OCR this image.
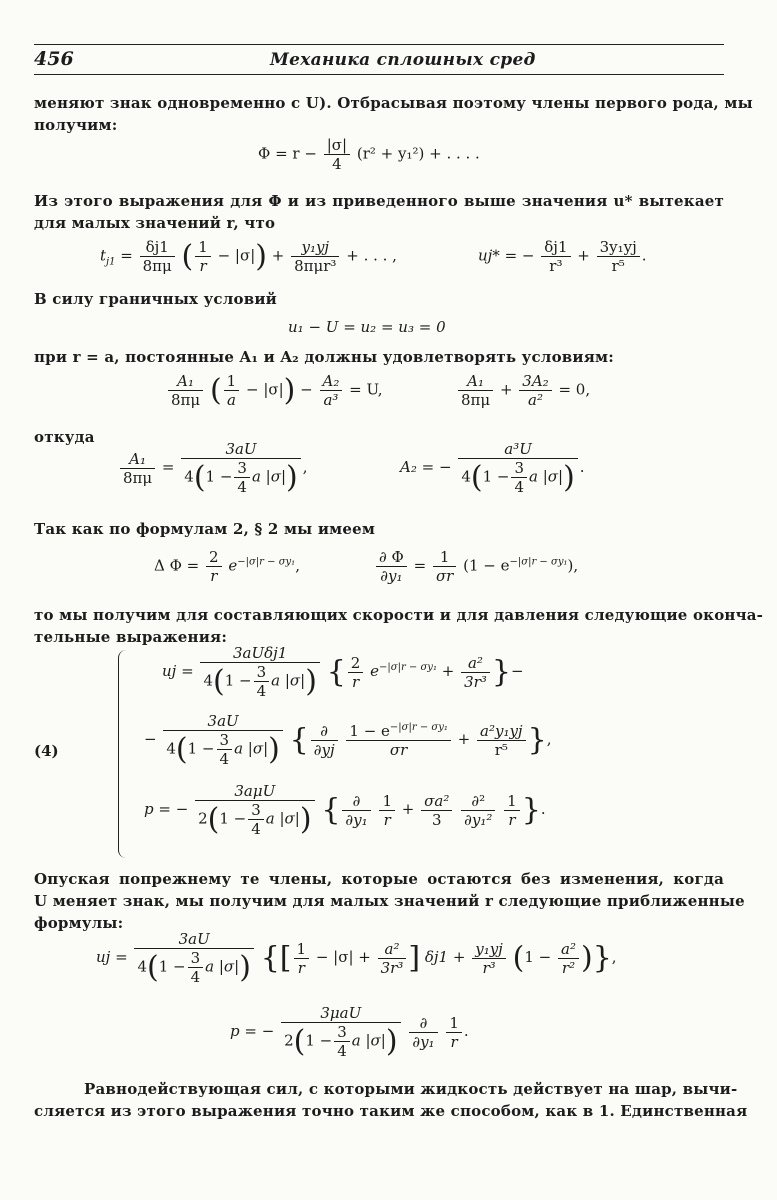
456	Механика сплошных сред
меняют знак одновременно с U). Отбрасывая поэтому члены первого рода, мы
получим:
$\Phi = r - \frac{|\sigma|}{4} (r^2 + y_1^2)$ + . . . .
Из этого выражения для Φ и из приведенного выше значения u* вытекает
для малых значений r, что
$t_{j1} = \frac{\delta j1}{8\pi\mu}$ ( $\frac{1}{r} - |\sigma|) + \frac{\text{y₁yj}}{\text{8πμr³}}$ + . . . ,	uj* = − $\frac{\delta j1}{\text{r³}} + \frac{\text{3y₁yj}}{\text{r⁵}}$ .
В силу граничных условий
u₁ − U = u₂ = u₃ = 0
при r = a, постоянные A₁ и A₂ должны удовлетворять условиям:
$\frac{\text{A₁}}{8\pi\mu}$ ( $\frac{1}{a} - |\sigma|) - \frac{\text{A₂}}{\text{a³}} = U$,	$\frac{\text{A₁}}{8\pi\mu} + \frac{\text{3A₂}}{\text{a²}} = 0$,
откуда
$\frac{\text{A₁}}{8\pi\mu} = \frac{3aU}{4(1 - \frac{3}{4} a |\sigma|)}$ ,	A₂ = − $\frac{\text{a³U}}{4(1 - \frac{3}{4} a |\sigma|)}$ .
Так как по формулам 2, § 2 мы имеем
Δ $\Phi = \frac{2}{r} e^{-|\sigma|r - \sigma y_1}$,	$\frac{\partial \Phi}{\text{∂y₁}} = \frac{1}{\sigma r} (1 - e^{-|\sigma|r - \sigma y_1})$,
то мы получим для составляющих скорости и для давления следующие оконча-
тельные выражения:
(4)
uj = $\frac{\text{3aUδj1}}{4(1 - \frac{3}{4} a |\sigma|)}$ { $\frac{2}{r} e^{-|\sigma|r - \sigma y_1} + \frac{\text{a²}}{\text{3r³}}$ }−
− $\frac{3aU}{4(1 - \frac{3}{4} a |\sigma|)}$ { $\frac{\partial}{\partial yj}$
$\frac{1 - e^{-|\sigma|r - \sigma y_1}}{\sigma r} + \frac{\text{a²y₁yj}}{\text{r⁵}}$ },
p = − $\frac{\text{3aμU}}{2(1 - \frac{3}{4} a |\sigma|)}$ { $\frac{\partial}{\text{∂y₁}}$
$\frac{1}{r} + \frac{\text{σa²}}{3}$
$\frac{\text{∂²}}{\text{∂y₁²}}$
$\frac{1}{r}$ }.
Опуская попрежнему те члены, которые остаются без изменения, когда
U меняет знак, мы получим для малых значений r следующие приближенные
формулы:
uj = $\frac{3aU}{4(1 - \frac{3}{4} a |\sigma|)}$ {[ $\frac{1}{r} - |\sigma| + \frac{\text{a²}}{\text{3r³}}$ ] $\delta j1 + \frac{\text{y₁yj}}{\text{r³}} (1 - \frac{\text{a²}}{\text{r²}}$ )},
p = − $\frac{\text{3μaU}}{2(1 - \frac{3}{4} a |\sigma|)}$
$\frac{\partial}{\text{∂y₁}}$
$\frac{1}{r}$ .
Равнодействующая сил, с которыми жидкость действует на шар, вычи-
сляется из этого выражения точно таким же способом, как в 1. Единственная
